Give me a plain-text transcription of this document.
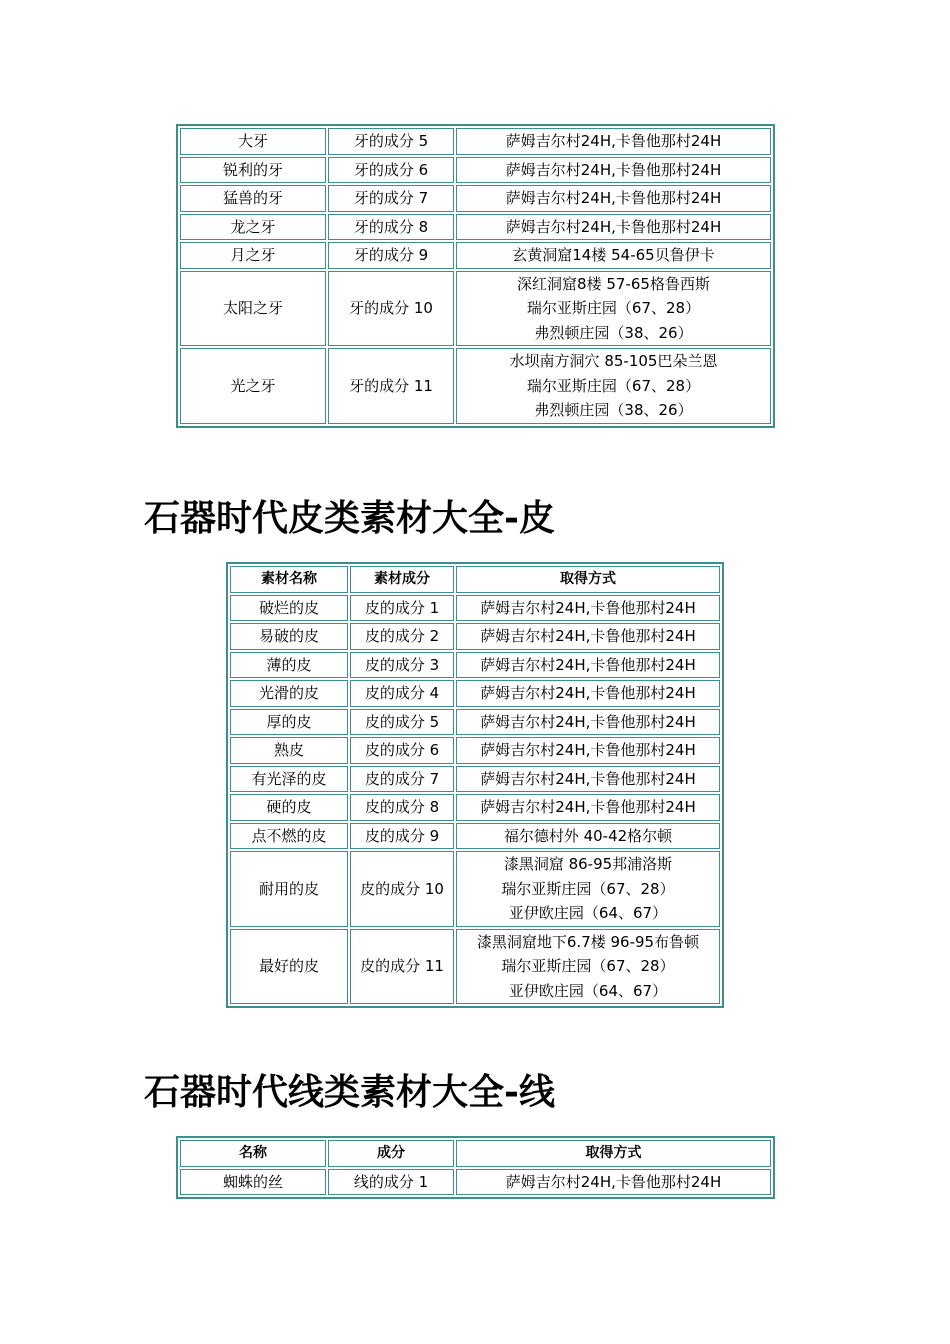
大牙	牙的成分 5	萨姆吉尔村24H,卡鲁他那村24H

锐利的牙	牙的成分 6	萨姆吉尔村24H,卡鲁他那村24H

猛兽的牙	牙的成分 7	萨姆吉尔村24H,卡鲁他那村24H

龙之牙	牙的成分 8	萨姆吉尔村24H,卡鲁他那村24H

月之牙	牙的成分 9	玄黄洞窟14楼 54-65贝鲁伊卡

太阳之牙	牙的成分 10	深红洞窟8楼 57-65格鲁西斯
瑞尔亚斯庄园（67、28）
弗烈顿庄园（38、26）

光之牙	牙的成分 11	水坝南方洞穴 85-105巴朵兰恩
瑞尔亚斯庄园（67、28）
弗烈顿庄园（38、26）
石器时代皮类素材大全-皮
素材名称	素材成分	取得方式
破烂的皮	皮的成分 1	萨姆吉尔村24H,卡鲁他那村24H

易破的皮	皮的成分 2	萨姆吉尔村24H,卡鲁他那村24H

薄的皮	皮的成分 3	萨姆吉尔村24H,卡鲁他那村24H

光滑的皮	皮的成分 4	萨姆吉尔村24H,卡鲁他那村24H

厚的皮	皮的成分 5	萨姆吉尔村24H,卡鲁他那村24H

熟皮	皮的成分 6	萨姆吉尔村24H,卡鲁他那村24H

有光泽的皮	皮的成分 7	萨姆吉尔村24H,卡鲁他那村24H

硬的皮	皮的成分 8	萨姆吉尔村24H,卡鲁他那村24H

点不燃的皮	皮的成分 9	福尔德村外 40-42格尔顿

耐用的皮	皮的成分 10	漆黑洞窟 86-95邦浦洛斯
瑞尔亚斯庄园（67、28）
亚伊欧庄园（64、67）

最好的皮	皮的成分 11	漆黑洞窟地下6.7楼 96-95布鲁顿
瑞尔亚斯庄园（67、28）
亚伊欧庄园（64、67）
石器时代线类素材大全-线
名称	成分	取得方式
蜘蛛的丝	线的成分 1	萨姆吉尔村24H,卡鲁他那村24H
